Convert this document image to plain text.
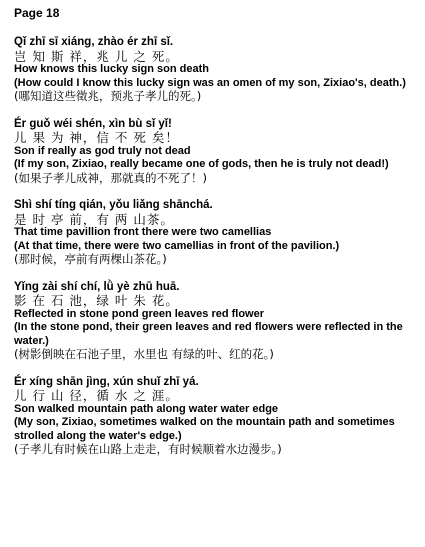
Page 18
Qǐ zhī sī xiáng, zhào ér zhī sǐ.
岂 知 斯 祥，兆 儿 之 死。
How knows this lucky sign son death
(How could I know this lucky sign was an omen of my son, Zixiao's, death.)
(哪知道这些徵兆，预兆子孝儿的死。)
Ér guǒ wéi shén, xìn bù sǐ yǐ!
儿 果 为 神，信 不 死 矣！
Son if really as god truly not dead
(If my son, Zixiao, really became one of gods, then he is truly not dead!)
(如果子孝儿成神，那就真的不死了！)
Shì shí tíng qián, yǒu liǎng shānchá.
是 时 亭 前，有 两 山茶。
That time pavillion front there were two camellias
(At that time, there were two camellias in front of the pavilion.)
(那时候，亭前有两棵山茶花。)
Yǐng zài shí chí, lǜ yè zhū huā.
影 在 石 池，绿 叶 朱 花。
Reflected in stone pond green leaves red flower
(In the stone pond, their green leaves and red flowers were reflected in the water.)
(树影倒映在石池子里，水里也 有绿的叶、红的花。)
Ér xíng shān jìng, xún shuǐ zhī yá.
儿 行 山 径，循 水 之 涯。
Son walked mountain path along water water edge
(My son, Zixiao, sometimes walked on the mountain path and sometimes strolled along the water's edge.)
(子孝儿有时候在山路上走走，有时候顺着水边漫步。)
